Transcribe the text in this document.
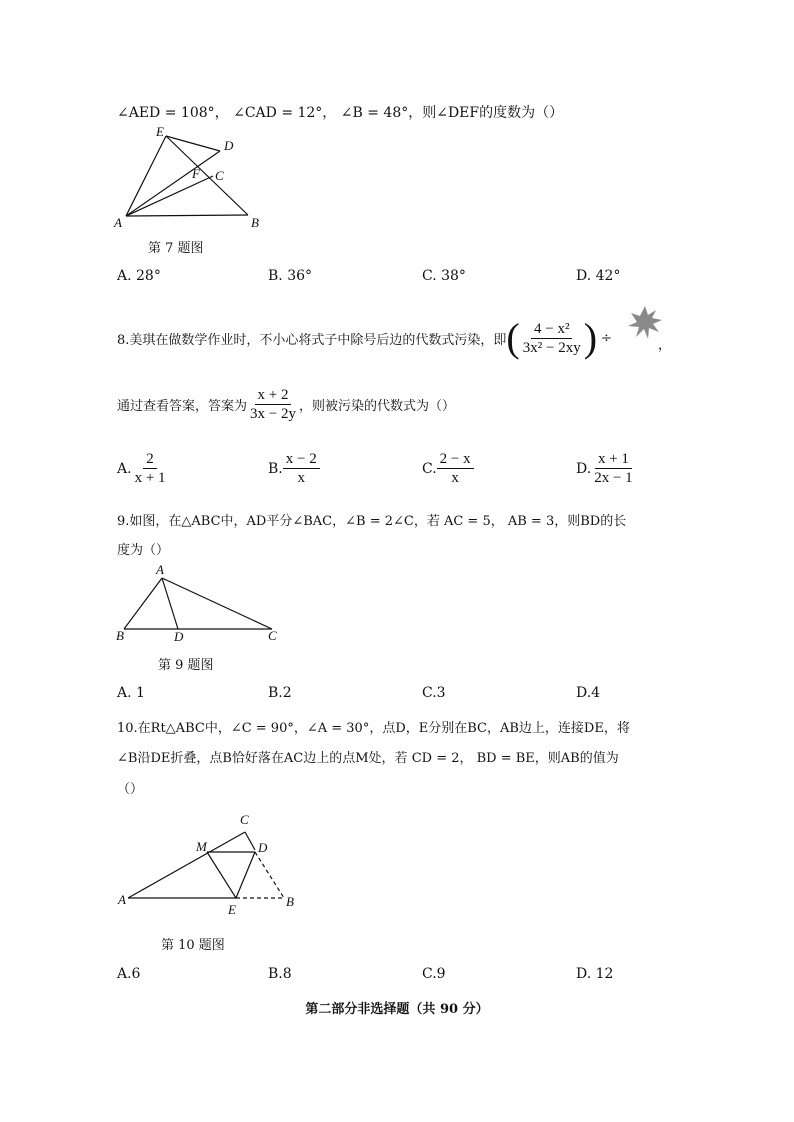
∠AED = 108°， ∠CAD = 12°， ∠B = 48°，则∠DEF的度数为（）
E
D
F C
A	B
第 7 题图
A. 28°	B. 36°	C. 38°	D. 42°
8.美琪在做数学作业时，不小心将式子中除号后边的代数式污染，即 ( $\frac{\text{4 − x²}}{\text{3x² − 2xy}}$ ) ÷	，
通过查看答案，答案为 $\frac{x + 2}{3x - 2y}$ ，则被污染的代数式为（）
A. $\frac{2}{x + 1}$	B. $\frac{x - 2}{x}$	C. $\frac{2 - x}{x}$	D. $\frac{x + 1}{2x - 1}$
9.如图，在△ABC中，AD平分∠BAC，∠B = 2∠C，若 AC = 5， AB = 3，则BD的长
度为（）
A
B	D	C
第 9 题图
A. 1	B.2	C.3	D.4
10.在Rt△ABC中，∠C = 90°，∠A = 30°，点D，E分别在BC，AB边上，连接DE，将
∠B沿DE折叠，点B恰好落在AC边上的点M处，若 CD = 2， BD = BE，则AB的值为
（）
C
M	D
A
E
B
第 10 题图
A.6	B.8	C.9	D. 12
第二部分非选择题（共 90 分）
